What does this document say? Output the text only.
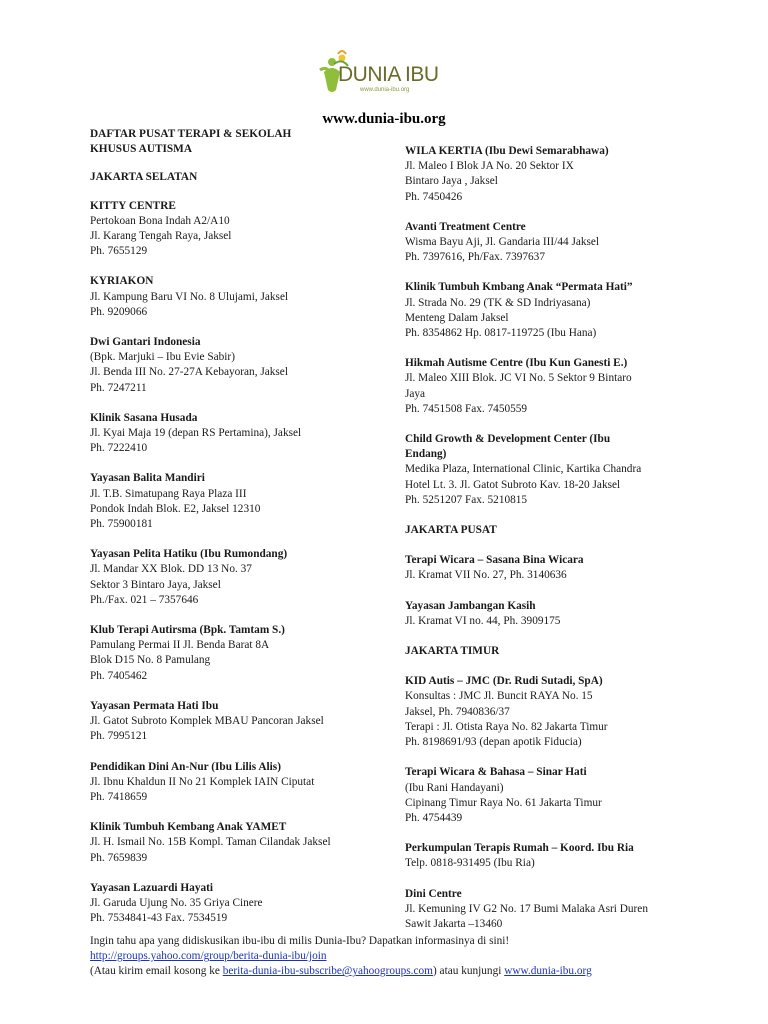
DUNIA IBU
www.dunia-ibu.org
www.dunia-ibu.org
DAFTAR PUSAT TERAPI & SEKOLAH
KHUSUS AUTISMA
JAKARTA SELATAN
KITTY CENTRE
Pertokoan Bona Indah A2/A10
Jl. Karang Tengah Raya, Jaksel
Ph. 7655129
KYRIAKON
Jl. Kampung Baru VI No. 8 Ulujami, Jaksel
Ph. 9209066
Dwi Gantari Indonesia
(Bpk. Marjuki – Ibu Evie Sabir)
Jl. Benda III No. 27-27A Kebayoran, Jaksel
Ph. 7247211
Klinik Sasana Husada
Jl. Kyai Maja 19 (depan RS Pertamina), Jaksel
Ph. 7222410
Yayasan Balita Mandiri
Jl. T.B. Simatupang Raya Plaza III
Pondok Indah Blok. E2, Jaksel 12310
Ph. 75900181
Yayasan Pelita Hatiku (Ibu Rumondang)
Jl. Mandar XX Blok. DD 13 No. 37
Sektor 3 Bintaro Jaya, Jaksel
Ph./Fax. 021 – 7357646
Klub Terapi Autirsma (Bpk. Tamtam S.)
Pamulang Permai II Jl. Benda Barat 8A
Blok D15 No. 8 Pamulang
Ph. 7405462
Yayasan Permata Hati Ibu
Jl. Gatot Subroto Komplek MBAU Pancoran Jaksel
Ph. 7995121
Pendidikan Dini An-Nur (Ibu Lilis Alis)
Jl. Ibnu Khaldun II No 21 Komplek IAIN Ciputat
Ph. 7418659
Klinik Tumbuh Kembang Anak YAMET
Jl. H. Ismail No. 15B Kompl. Taman Cilandak Jaksel
Ph. 7659839
Yayasan Lazuardi Hayati
Jl. Garuda Ujung No. 35 Griya Cinere
Ph. 7534841-43 Fax. 7534519
WILA KERTIA (Ibu Dewi Semarabhawa)
Jl. Maleo I Blok JA No. 20 Sektor IX
Bintaro Jaya , Jaksel
Ph. 7450426
Avanti Treatment Centre
Wisma Bayu Aji, Jl. Gandaria III/44 Jaksel
Ph. 7397616, Ph/Fax. 7397637
Klinik Tumbuh Kmbang Anak “Permata Hati”
Jl. Strada No. 29 (TK & SD Indriyasana)
Menteng Dalam Jaksel
Ph. 8354862 Hp. 0817-119725 (Ibu Hana)
Hikmah Autisme Centre (Ibu Kun Ganesti E.)
Jl. Maleo XIII Blok. JC VI No. 5 Sektor 9 Bintaro
Jaya
Ph. 7451508 Fax. 7450559
Child Growth & Development Center (Ibu
Endang)
Medika Plaza, International Clinic, Kartika Chandra
Hotel Lt. 3. Jl. Gatot Subroto Kav. 18-20 Jaksel
Ph. 5251207 Fax. 5210815
JAKARTA PUSAT
Terapi Wicara – Sasana Bina Wicara
Jl. Kramat VII No. 27, Ph. 3140636
Yayasan Jambangan Kasih
Jl. Kramat VI no. 44, Ph. 3909175
JAKARTA TIMUR
KID Autis – JMC (Dr. Rudi Sutadi, SpA)
Konsultas : JMC Jl. Buncit RAYA No. 15
Jaksel, Ph. 7940836/37
Terapi : Jl. Otista Raya No. 82 Jakarta Timur
Ph. 8198691/93 (depan apotik Fiducia)
Terapi Wicara & Bahasa – Sinar Hati
(Ibu Rani Handayani)
Cipinang Timur Raya No. 61 Jakarta Timur
Ph. 4754439
Perkumpulan Terapis Rumah – Koord. Ibu Ria
Telp. 0818-931495 (Ibu Ria)
Dini Centre
Jl. Kemuning IV G2 No. 17 Bumi Malaka Asri Duren
Sawit Jakarta –13460
Ingin tahu apa yang didiskusikan ibu-ibu di milis Dunia-Ibu? Dapatkan informasinya di sini!
http://groups.yahoo.com/group/berita-dunia-ibu/join
(Atau kirim email kosong ke berita-dunia-ibu-subscribe@yahoogroups.com) atau kunjungi www.dunia-ibu.org
